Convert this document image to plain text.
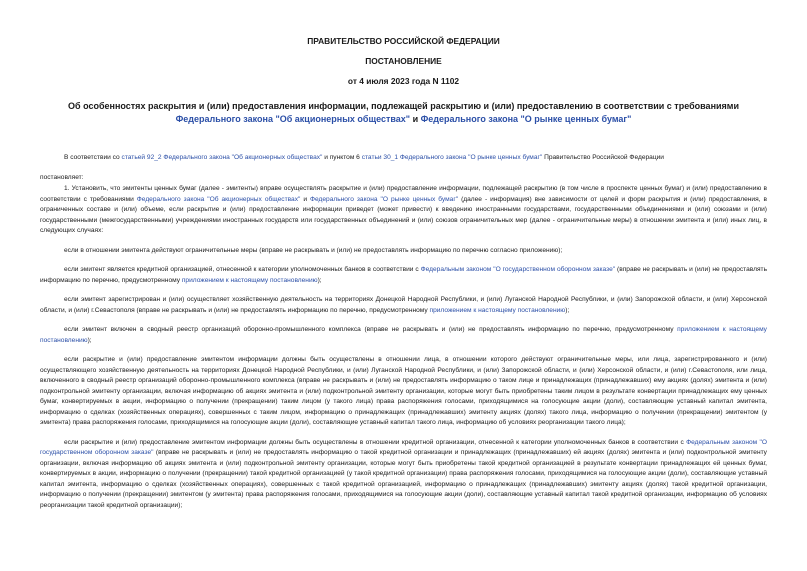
ПРАВИТЕЛЬСТВО РОССИЙСКОЙ ФЕДЕРАЦИИ
ПОСТАНОВЛЕНИЕ
от 4 июля 2023 года N 1102
Об особенностях раскрытия и (или) предоставления информации, подлежащей раскрытию и (или) предоставлению в соответствии с требованиями Федерального закона "Об акционерных обществах" и Федерального закона "О рынке ценных бумаг"

В соответствии со статьей 92_2 Федерального закона "Об акционерных обществах" и пунктом 6 статьи 30_1 Федерального закона "О рынке ценных бумаг" Правительство Российской Федерации

постановляет:

1. Установить, что эмитенты ценных бумаг (далее - эмитенты) вправе осуществлять раскрытие и (или) предоставление информации, подлежащей раскрытию (в том числе в проспекте ценных бумаг) и (или) предоставлению в соответствии с требованиями Федерального закона "Об акционерных обществах" и Федерального закона "О рынке ценных бумаг" (далее - информация) вне зависимости от целей и форм раскрытия и (или) предоставления, в ограниченных составе и (или) объеме, если раскрытие и (или) предоставление информации приведет (может привести) к введению иностранными государствами, государственными объединениями и (или) союзами и (или) государственными (межгосударственными) учреждениями иностранных государств или государственных объединений и (или) союзов ограничительных мер (далее - ограничительные меры) в отношении эмитента и (или) иных лиц, в следующих случаях:

если в отношении эмитента действуют ограничительные меры (вправе не раскрывать и (или) не предоставлять информацию по перечню согласно приложению);

если эмитент является кредитной организацией, отнесенной к категории уполномоченных банков в соответствии с Федеральным законом "О государственном оборонном заказе" (вправе не раскрывать и (или) не предоставлять информацию по перечню, предусмотренному приложением к настоящему постановлению);

если эмитент зарегистрирован и (или) осуществляет хозяйственную деятельность на территориях Донецкой Народной Республики, и (или) Луганской Народной Республики, и (или) Запорожской области, и (или) Херсонской области, и (или) г.Севастополя (вправе не раскрывать и (или) не предоставлять информацию по перечню, предусмотренному приложением к настоящему постановлению);

если эмитент включен в сводный реестр организаций оборонно-промышленного комплекса (вправе не раскрывать и (или) не предоставлять информацию по перечню, предусмотренному приложением к настоящему постановлению);

если раскрытие и (или) предоставление эмитентом информации должны быть осуществлены в отношении лица, в отношении которого действуют ограничительные меры, или лица, зарегистрированного и (или) осуществляющего хозяйственную деятельность на территориях Донецкой Народной Республики, и (или) Луганской Народной Республики, и (или) Запорожской области, и (или) Херсонской области, и (или) г.Севастополя, или лица, включенного в сводный реестр организаций оборонно-промышленного комплекса (вправе не раскрывать и (или) не предоставлять информацию о таком лице и принадлежащих (принадлежавших) ему акциях (долях) эмитента и (или) подконтрольной эмитенту организации, включая информацию об акциях эмитента и (или) подконтрольной эмитенту организации, которые могут быть приобретены таким лицом в результате конвертации принадлежащих ему ценных бумаг, конвертируемых в акции, информацию о получении (прекращении) таким лицом (у такого лица) права распоряжения голосами, приходящимися на голосующие акции (доли), составляющие уставный капитал эмитента, информацию о сделках (хозяйственных операциях), совершенных с таким лицом, информацию о принадлежащих (принадлежавших) эмитенту акциях (долях) такого лица, информацию о получении (прекращении) эмитентом (у эмитента) права распоряжения голосами, приходящимися на голосующие акции (доли), составляющие уставный капитал такого лица, информацию об условиях реорганизации такого лица);

если раскрытие и (или) предоставление эмитентом информации должны быть осуществлены в отношении кредитной организации, отнесенной к категории уполномоченных банков в соответствии с Федеральным законом "О государственном оборонном заказе" (вправе не раскрывать и (или) не предоставлять информацию о такой кредитной организации и принадлежащих (принадлежавших) ей акциях (долях) эмитента и (или) подконтрольной эмитенту организации, включая информацию об акциях эмитента и (или) подконтрольной эмитенту организации, которые могут быть приобретены такой кредитной организацией в результате конвертации принадлежащих ей ценных бумаг, конвертируемых в акции, информацию о получении (прекращении) такой кредитной организацией (у такой кредитной организации) права распоряжения голосами, приходящимися на голосующие акции (доли), составляющие уставный капитал эмитента, информацию о сделках (хозяйственных операциях), совершенных с такой кредитной организацией, информацию о принадлежащих (принадлежавших) эмитенту акциях (долях) такой кредитной организации, информацию о получении (прекращении) эмитентом (у эмитента) права распоряжения голосами, приходящимися на голосующие акции (доли), составляющие уставный капитал такой кредитной организации, информацию об условиях реорганизации такой кредитной организации);
